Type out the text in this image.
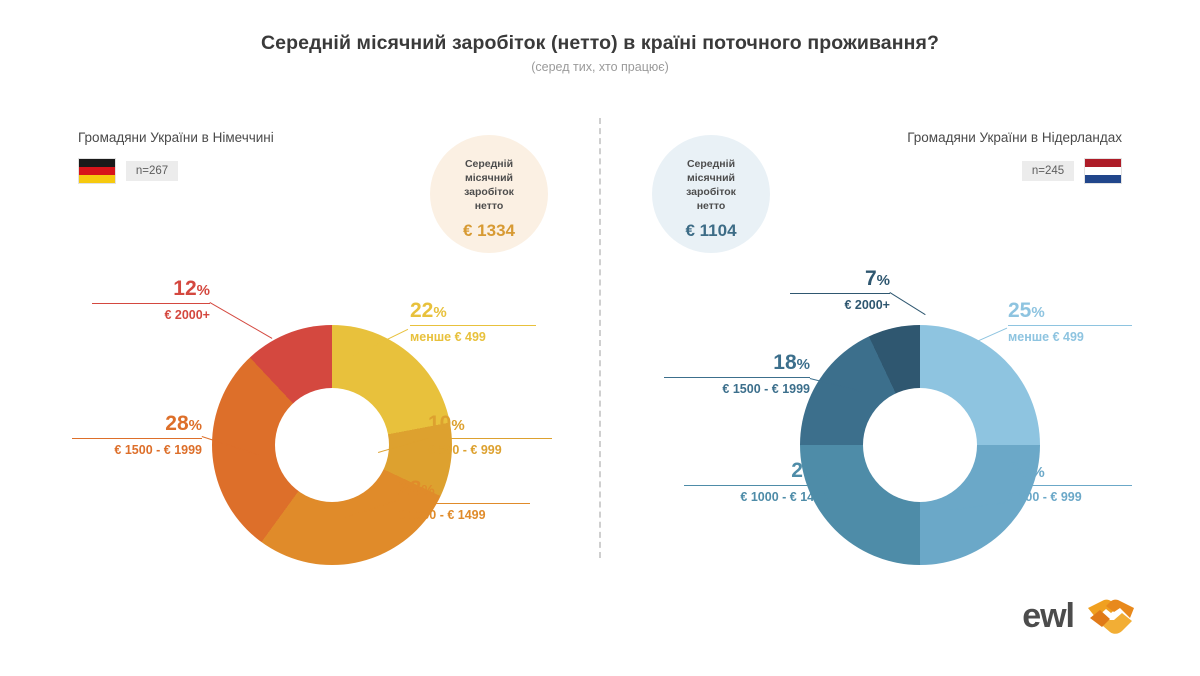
Середній місячний заробіток (нетто) в країні поточного проживання?
(серед тих, хто працює)
Громадяни України в Німеччині
n=267
Середній
місячний
заробіток
нетто
€ 1334
22%
менше € 499
10%
€ 500 - € 999
28%
€ 1000 - € 1499
28%
€ 1500 - € 1999
12%
€ 2000+
Громадяни України в Нідерландах
n=245
Середній
місячний
заробіток
нетто
€ 1104
25%
менше € 499
25%
€ 500 - € 999
25%
€ 1000 - € 1499
18%
€ 1500 - € 1999
7%
€ 2000+
ewl
